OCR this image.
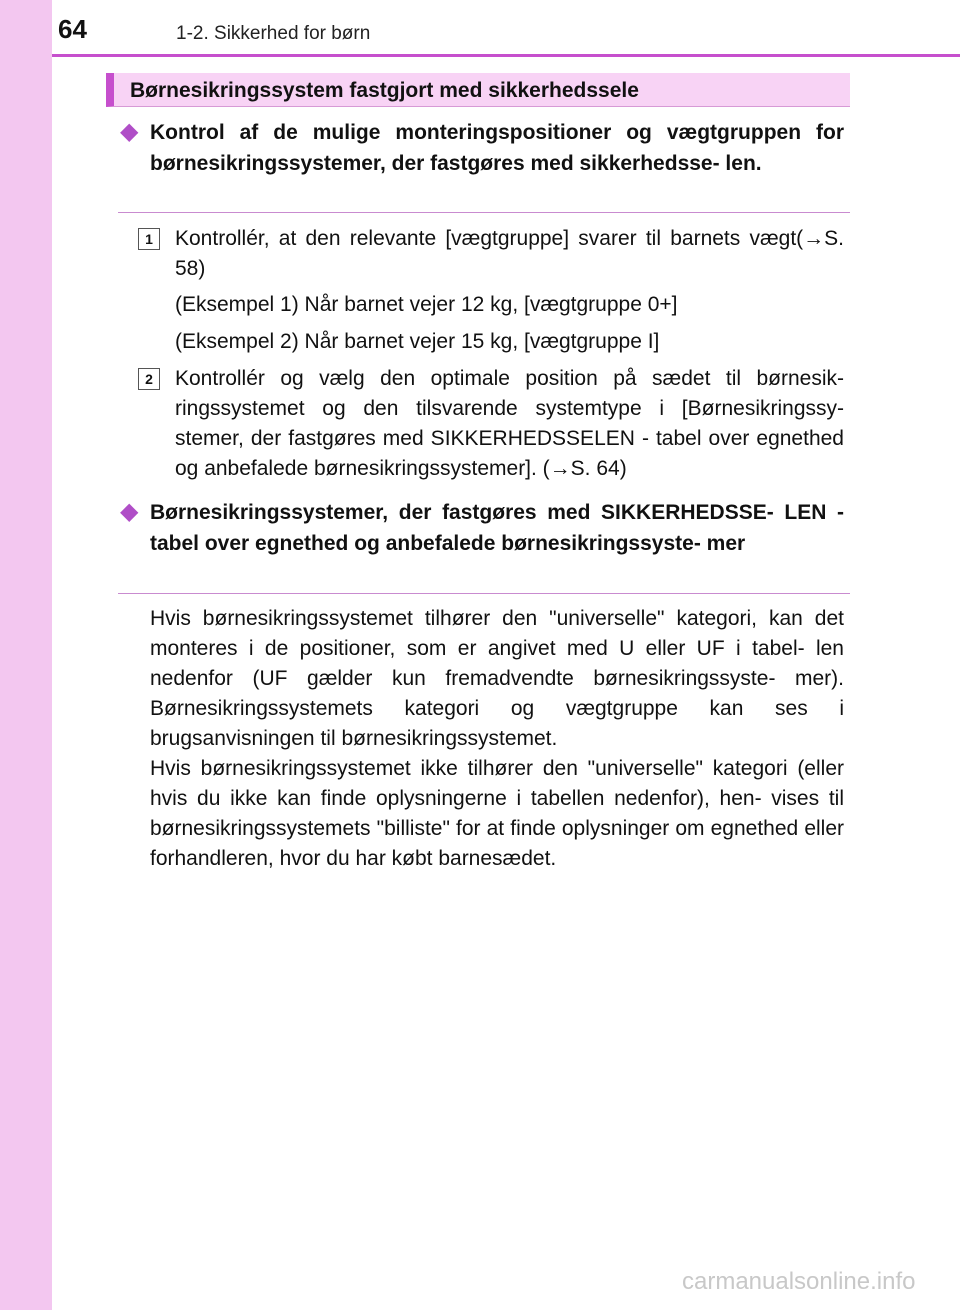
64	1-2. Sikkerhed for børn
Børnesikringssystem fastgjort med sikkerhedssele
◆ Kontrol af de mulige monteringspositioner og vægtgruppen for børnesikringssystemer, der fastgøres med sikkerhedsse- len.
1	Kontrollér, at den relevante [vægtgruppe] svarer til barnets vægt(→S. 58)
(Eksempel 1) Når barnet vejer 12 kg, [vægtgruppe 0+]
(Eksempel 2) Når barnet vejer 15 kg, [vægtgruppe I]
2	Kontrollér og vælg den optimale position på sædet til børnesik- ringssystemet og den tilsvarende systemtype i [Børnesikringssy- stemer, der fastgøres med SIKKERHEDSSELEN - tabel over egnethed og anbefalede børnesikringssystemer]. (→S. 64)
◆ Børnesikringssystemer, der fastgøres med SIKKERHEDSSE- LEN - tabel over egnethed og anbefalede børnesikringssyste- mer
Hvis børnesikringssystemet tilhører den "universelle" kategori, kan det monteres i de positioner, som er angivet med U eller UF i tabel- len nedenfor (UF gælder kun fremadvendte børnesikringssyste- mer). Børnesikringssystemets kategori og vægtgruppe kan ses i brugsanvisningen til børnesikringssystemet.
Hvis børnesikringssystemet ikke tilhører den "universelle" kategori (eller hvis du ikke kan finde oplysningerne i tabellen nedenfor), hen- vises til børnesikringssystemets "billiste" for at finde oplysninger om egnethed eller forhandleren, hvor du har købt barnesædet.
carmanualsonline.info
